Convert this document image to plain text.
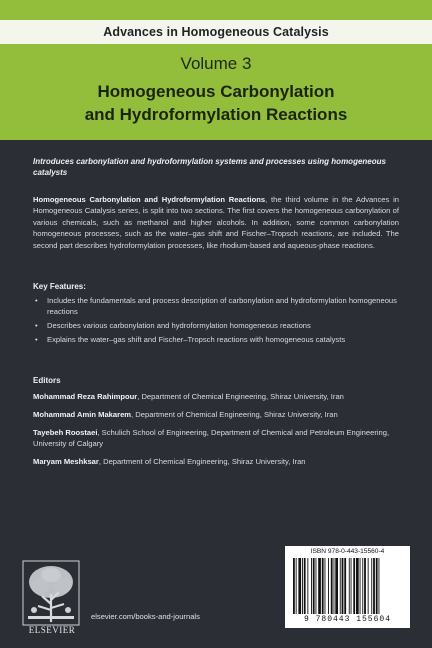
Advances in Homogeneous Catalysis
Volume 3
Homogeneous Carbonylation
and Hydroformylation Reactions
Introduces carbonylation and hydroformylation systems and processes using homogeneous catalysts
Homogeneous Carbonylation and Hydroformylation Reactions, the third volume in the Advances in Homogeneous Catalysis series, is split into two sections. The first covers the homogeneous carbonylation of various chemicals, such as methanol and higher alcohols. In addition, some common carbonylation homogeneous processes, such as the water–gas shift and Fischer–Tropsch reactions, are included. The second part describes hydroformylation processes, like rhodium-based and aqueous-phase reactions.
Key Features:
• Includes the fundamentals and process description of carbonylation and hydroformylation homogeneous reactions
• Describes various carbonylation and hydroformylation homogeneous reactions
• Explains the water–gas shift and Fischer–Tropsch reactions with homogeneous catalysts
Editors
Mohammad Reza Rahimpour, Department of Chemical Engineering, Shiraz University, Iran
Mohammad Amin Makarem, Department of Chemical Engineering, Shiraz University, Iran
Tayebeh Roostaei, Schulich School of Engineering, Department of Chemical and Petroleum Engineering, University of Calgary
Maryam Meshksar, Department of Chemical Engineering, Shiraz University, Iran
ELSEVIER
elsevier.com/books-and-journals
ISBN 978-0-443-15560-4
9 780443 155604
